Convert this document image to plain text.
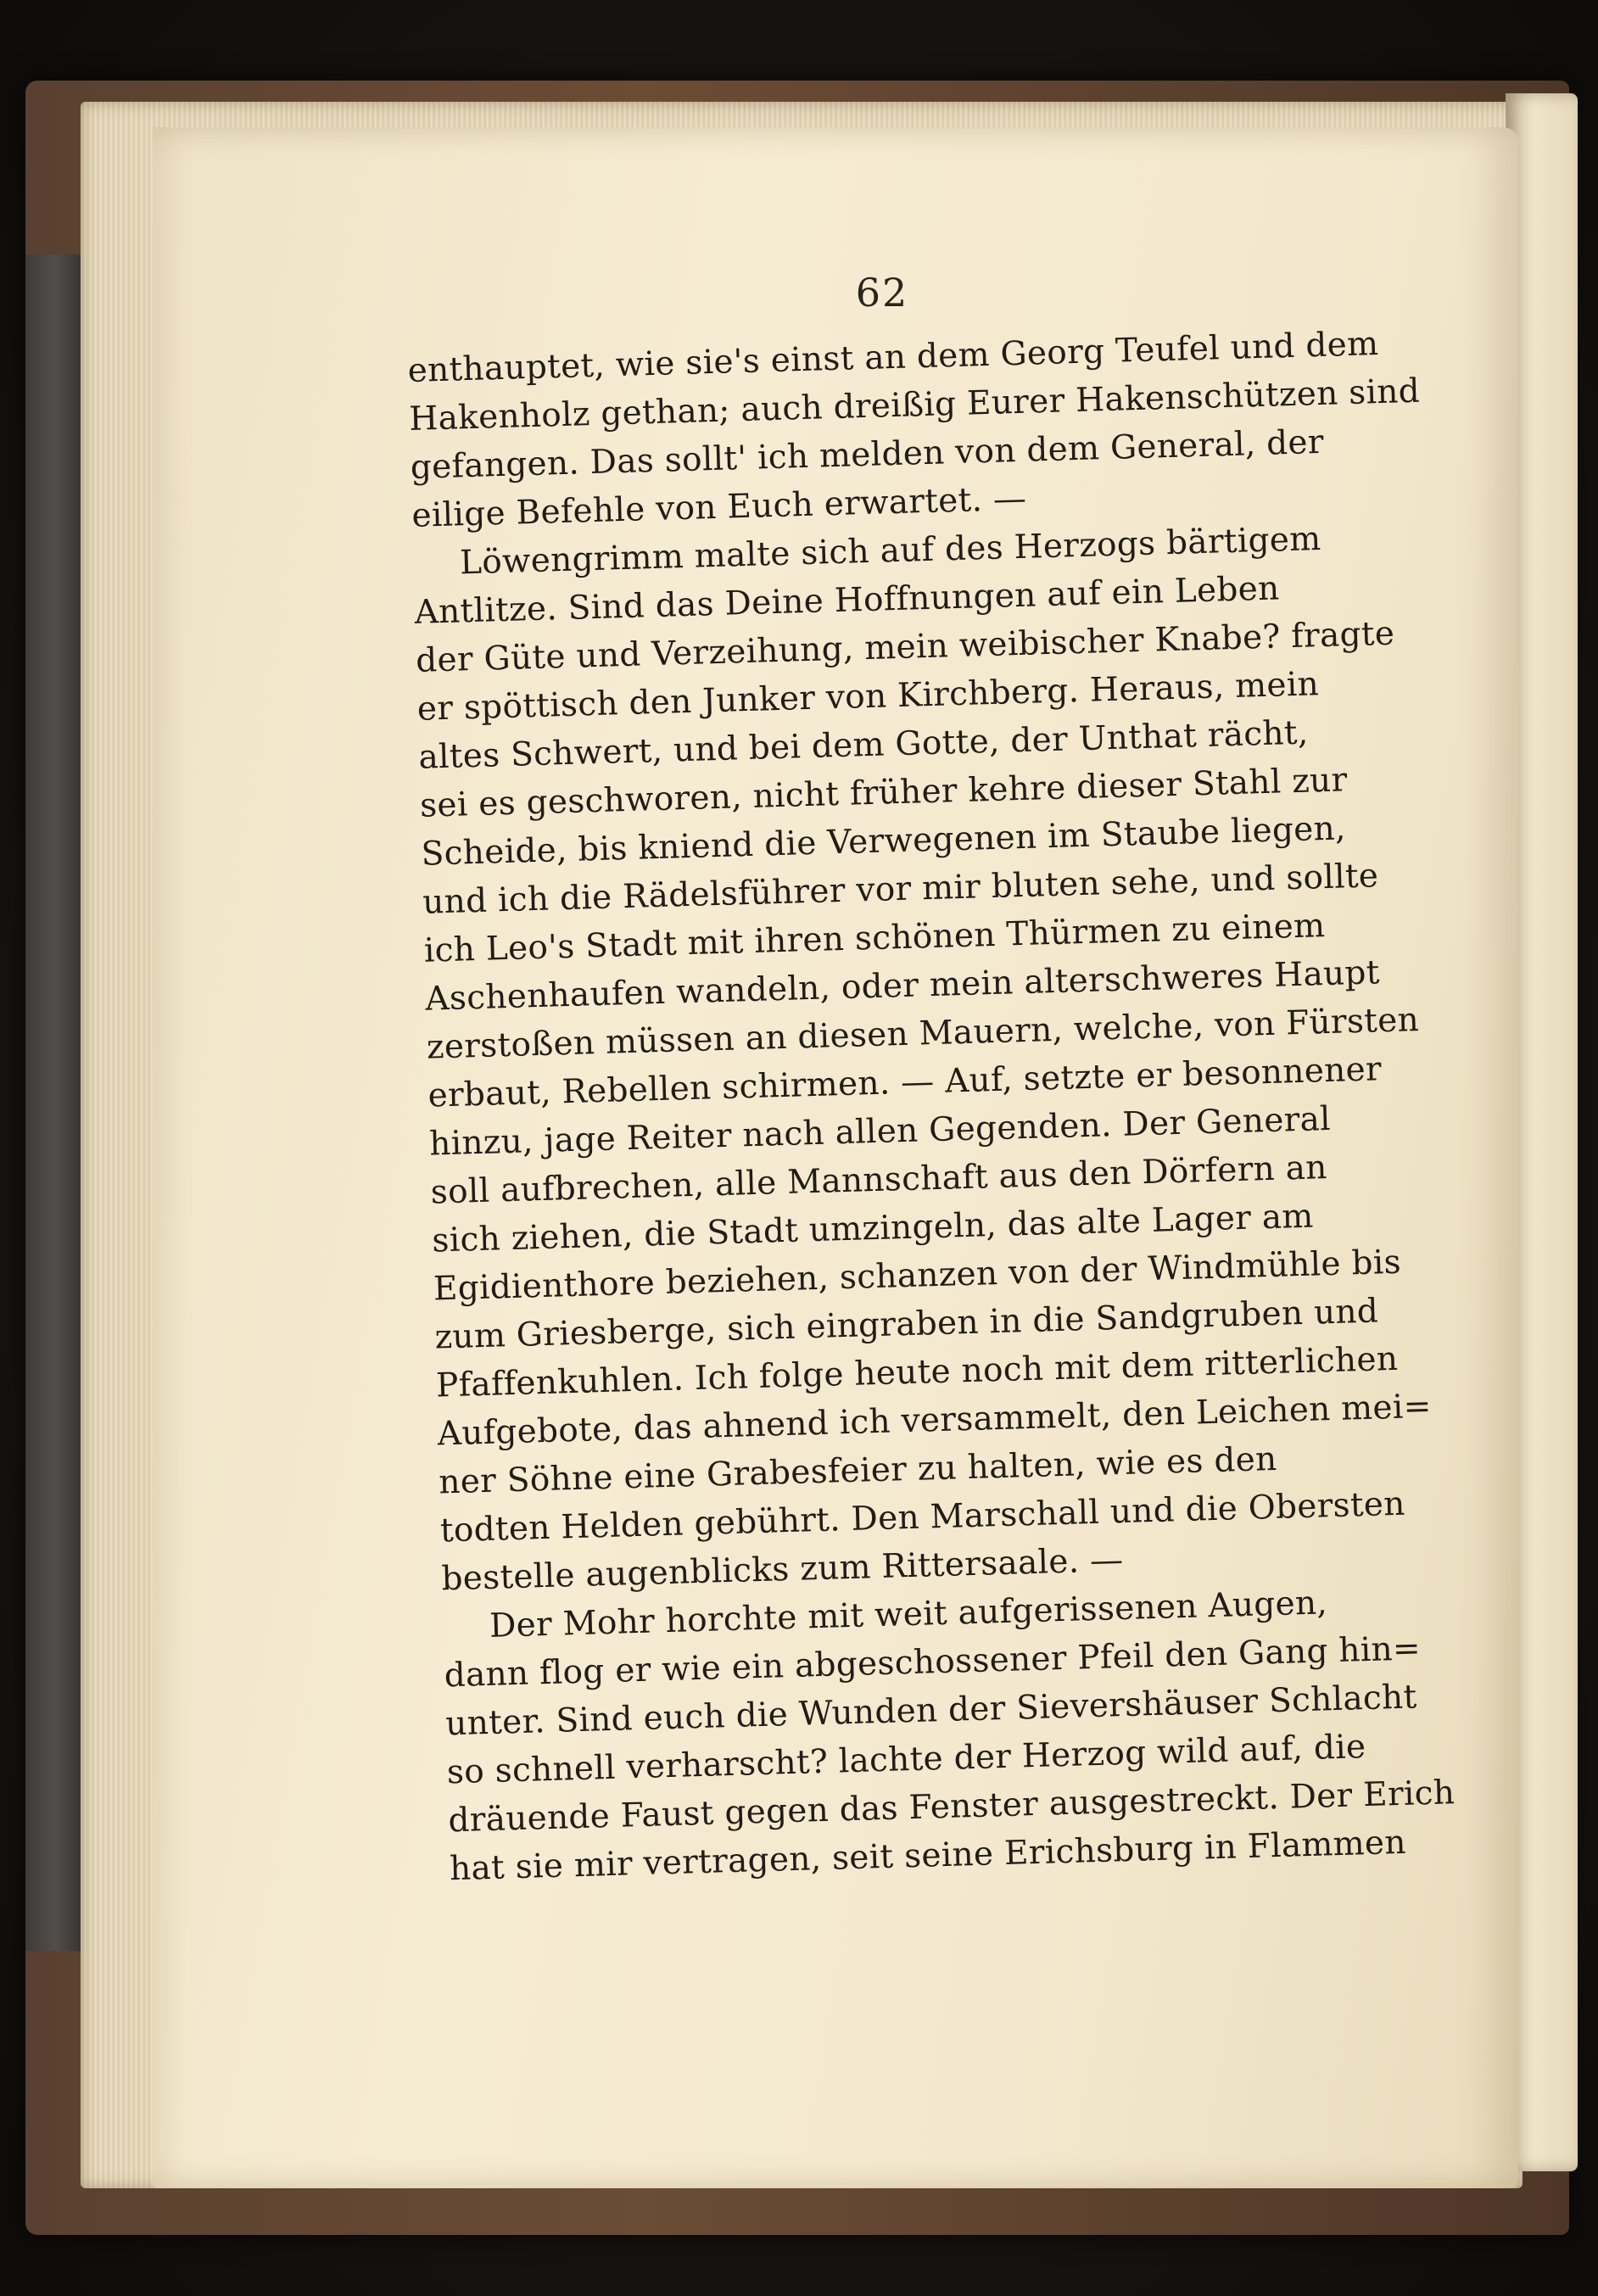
62
enthauptet, wie sie's einst an dem Georg Teufel und dem
Hakenholz gethan; auch dreißig Eurer Hakenschützen sind
gefangen. Das sollt' ich melden von dem General, der
eilige Befehle von Euch erwartet. —
Löwengrimm malte sich auf des Herzogs bärtigem
Antlitze. Sind das Deine Hoffnungen auf ein Leben
der Güte und Verzeihung, mein weibischer Knabe? fragte
er spöttisch den Junker von Kirchberg. Heraus, mein
altes Schwert, und bei dem Gotte, der Unthat rächt,
sei es geschworen, nicht früher kehre dieser Stahl zur
Scheide, bis kniend die Verwegenen im Staube liegen,
und ich die Rädelsführer vor mir bluten sehe, und sollte
ich Leo's Stadt mit ihren schönen Thürmen zu einem
Aschenhaufen wandeln, oder mein alterschweres Haupt
zerstoßen müssen an diesen Mauern, welche, von Fürsten
erbaut, Rebellen schirmen. — Auf, setzte er besonnener
hinzu, jage Reiter nach allen Gegenden. Der General
soll aufbrechen, alle Mannschaft aus den Dörfern an
sich ziehen, die Stadt umzingeln, das alte Lager am
Egidienthore beziehen, schanzen von der Windmühle bis
zum Griesberge, sich eingraben in die Sandgruben und
Pfaffenkuhlen. Ich folge heute noch mit dem ritterlichen
Aufgebote, das ahnend ich versammelt, den Leichen mei=
ner Söhne eine Grabesfeier zu halten, wie es den
todten Helden gebührt. Den Marschall und die Obersten
bestelle augenblicks zum Rittersaale. —
Der Mohr horchte mit weit aufgerissenen Augen,
dann flog er wie ein abgeschossener Pfeil den Gang hin=
unter. Sind euch die Wunden der Sievershäuser Schlacht
so schnell verharscht? lachte der Herzog wild auf, die
dräuende Faust gegen das Fenster ausgestreckt. Der Erich
hat sie mir vertragen, seit seine Erichsburg in Flammen
